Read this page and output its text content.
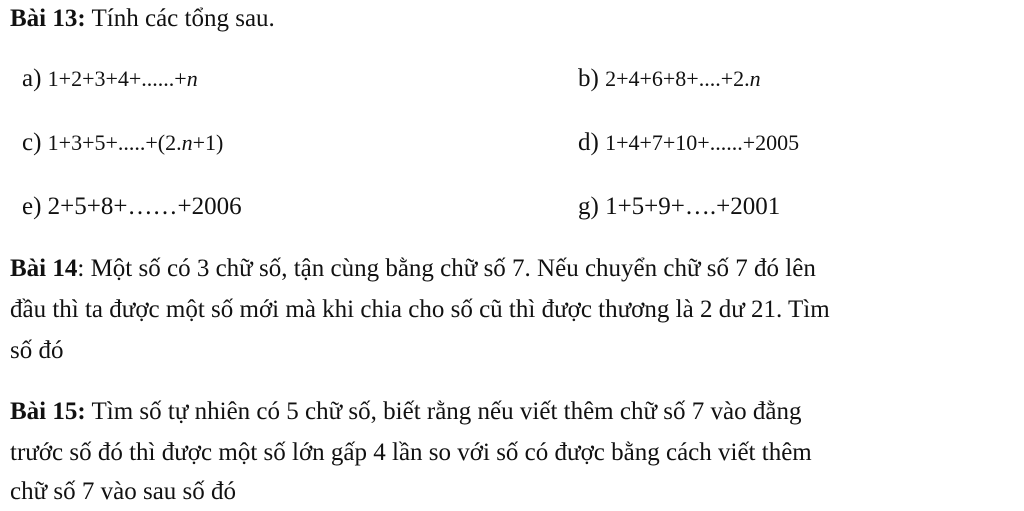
Bài 13: Tính các tổng sau.
a) 1+2+3+4+......+n	b) 2+4+6+8+....+2.n
c) 1+3+5+.....+(2.n+1)	d) 1+4+7+10+......+2005
e) 2+5+8+……+2006	g) 1+5+9+….+2001
Bài 14: Một số có 3 chữ số, tận cùng bằng chữ số 7. Nếu chuyển chữ số 7 đó lên
đầu thì ta được một số mới mà khi chia cho số cũ thì được thương là 2 dư 21. Tìm
số đó
Bài 15: Tìm số tự nhiên có 5 chữ số, biết rằng nếu viết thêm chữ số 7 vào đằng
trước số đó thì được một số lớn gấp 4 lần so với số có được bằng cách viết thêm
chữ số 7 vào sau số đó
